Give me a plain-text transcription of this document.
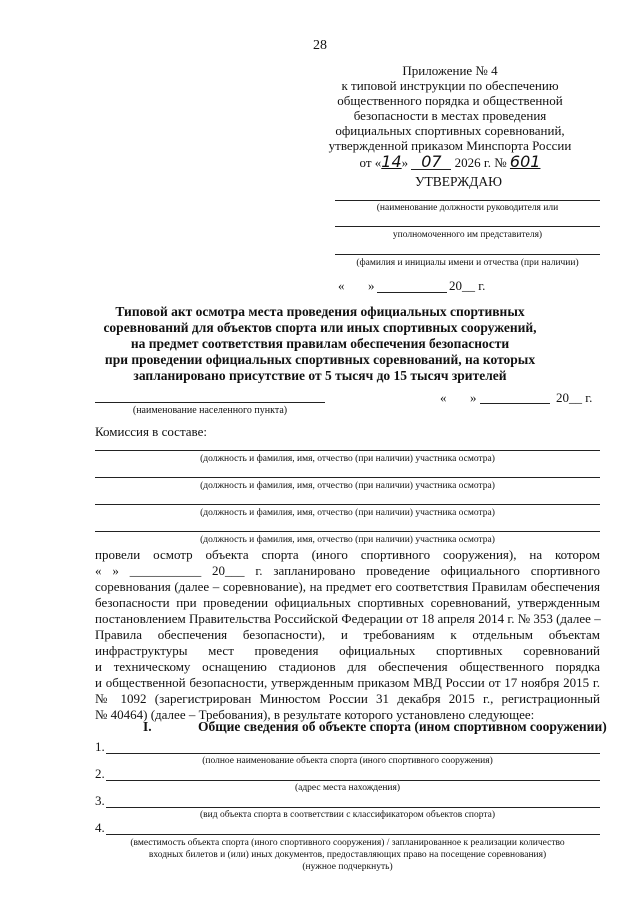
28
Приложение № 4
к типовой инструкции по обеспечению
общественного порядка и общественной
безопасности в местах проведения
официальных спортивных соревнований,
утвержденной приказом Минспорта России
от «14» 07 2026 г. № 601
УТВЕРЖДАЮ
(наименование должности руководителя или
уполномоченного им представителя)
(фамилия и инициалы имени и отчества (при наличии)
« »	20__ г.
Типовой акт осмотра места проведения официальных спортивных
соревнований для объектов спорта или иных спортивных сооружений,
на предмет соответствия правилам обеспечения безопасности
при проведении официальных спортивных соревнований, на которых
запланировано присутствие от 5 тысяч до 15 тысяч зрителей
(наименование населенного пункта)
« »	20__ г.
Комиссия в составе:
(должность и фамилия, имя, отчество (при наличии) участника осмотра)
(должность и фамилия, имя, отчество (при наличии) участника осмотра)
(должность и фамилия, имя, отчество (при наличии) участника осмотра)
(должность и фамилия, имя, отчество (при наличии) участника осмотра)
провели осмотр объекта спорта (иного спортивного сооружения), на котором
« » ___________ 20___ г. запланировано проведение официального спортивного
соревнования (далее – соревнование), на предмет его соответствия Правилам обеспечения
безопасности при проведении официальных спортивных соревнований, утвержденным
постановлением Правительства Российской Федерации от 18 апреля 2014 г. № 353 (далее –
Правила обеспечения безопасности), и требованиям к отдельным объектам
инфраструктуры мест проведения официальных спортивных соревнований
и техническому оснащению стадионов для обеспечения общественного порядка
и общественной безопасности, утвержденным приказом МВД России от 17 ноября 2015 г.
№ 1092 (зарегистрирован Минюстом России 31 декабря 2015 г., регистрационный
№ 40464) (далее – Требования), в результате которого установлено следующее:
I.	Общие сведения об объекте спорта (ином спортивном сооружении)
1.
(полное наименование объекта спорта (иного спортивного сооружения)
2.
(адрес места нахождения)
3.
(вид объекта спорта в соответствии с классификатором объектов спорта)
4.
(вместимость объекта спорта (иного спортивного сооружения) / запланированное к реализации количество
входных билетов и (или) иных документов, предоставляющих право на посещение соревнования)
(нужное подчеркнуть)
